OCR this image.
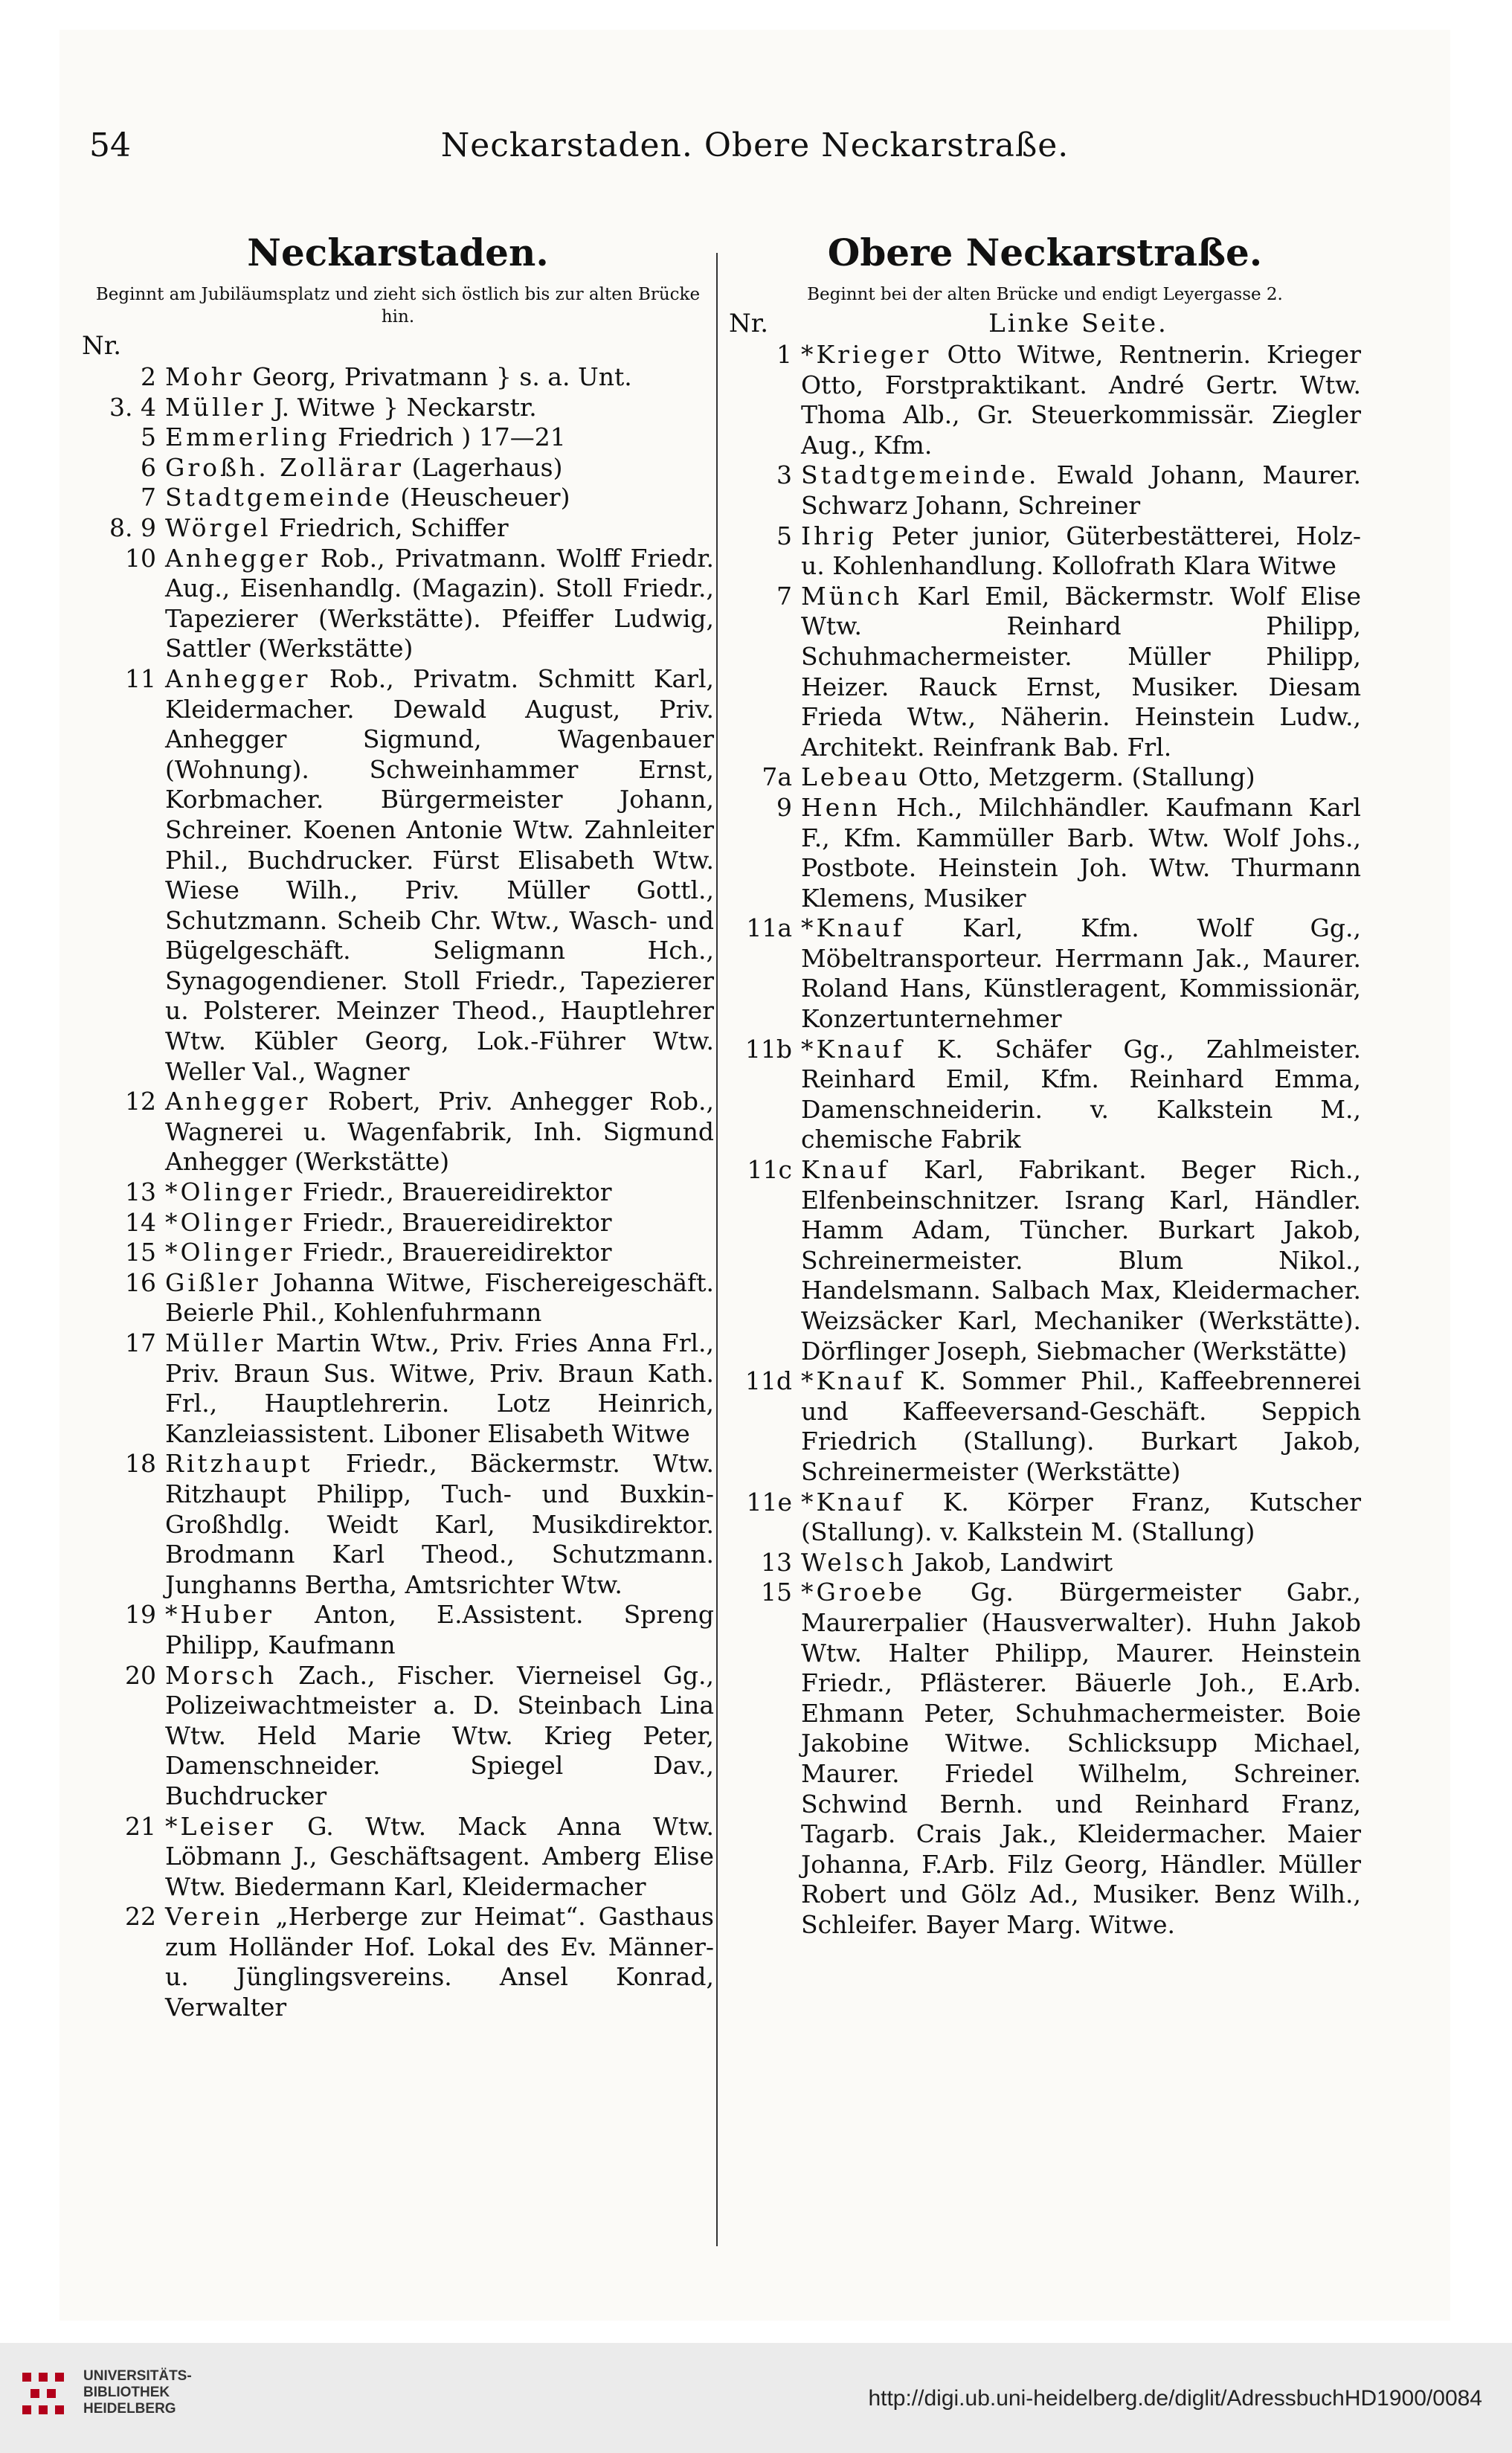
54	Neckarstaden. Obere Neckarstraße.
Neckarstaden.
Beginnt am Jubiläumsplatz und zieht sich östlich bis zur alten Brücke hin.
Nr.
2 Mohr Georg, Privatmann } s. a. Unt.
3. 4 Müller J. Witwe } Neckarstr.
5 Emmerling Friedrich ) 17—21
6 Großh. Zollärar (Lagerhaus)
7 Stadtgemeinde (Heuscheuer)
8. 9 Wörgel Friedrich, Schiffer
10 Anhegger Rob., Privatmann. Wolff Friedr. Aug., Eisenhandlg. (Magazin). Stoll Friedr., Tapezierer (Werkstätte). Pfeiffer Ludwig, Sattler (Werkstätte)
11 Anhegger Rob., Privatm. Schmitt Karl, Kleidermacher. Dewald August, Priv. Anhegger Sigmund, Wagenbauer (Wohnung). Schweinhammer Ernst, Korbmacher. Bürgermeister Johann, Schreiner. Koenen Antonie Wtw. Zahnleiter Phil., Buchdrucker. Fürst Elisabeth Wtw. Wiese Wilh., Priv. Müller Gottl., Schutzmann. Scheib Chr. Wtw., Wasch- und Bügelgeschäft. Seligmann Hch., Synagogendiener. Stoll Friedr., Tapezierer u. Polsterer. Meinzer Theod., Hauptlehrer Wtw. Kübler Georg, Lok.-Führer Wtw. Weller Val., Wagner
12 Anhegger Robert, Priv. Anhegger Rob., Wagnerei u. Wagenfabrik, Inh. Sigmund Anhegger (Werkstätte)
13 *Olinger Friedr., Brauereidirektor
14 *Olinger Friedr., Brauereidirektor
15 *Olinger Friedr., Brauereidirektor
16 Gißler Johanna Witwe, Fischereigeschäft. Beierle Phil., Kohlenfuhrmann
17 Müller Martin Wtw., Priv. Fries Anna Frl., Priv. Braun Sus. Witwe, Priv. Braun Kath. Frl., Hauptlehrerin. Lotz Heinrich, Kanzleiassistent. Liboner Elisabeth Witwe
18 Ritzhaupt Friedr., Bäckermstr. Wtw. Ritzhaupt Philipp, Tuch- und Buxkin-Großhdlg. Weidt Karl, Musikdirektor. Brodmann Karl Theod., Schutzmann. Junghanns Bertha, Amtsrichter Wtw.
19 *Huber Anton, E.Assistent. Spreng Philipp, Kaufmann
20 Morsch Zach., Fischer. Vierneisel Gg., Polizeiwachtmeister a. D. Steinbach Lina Wtw. Held Marie Wtw. Krieg Peter, Damenschneider. Spiegel Dav., Buchdrucker
21 *Leiser G. Wtw. Mack Anna Wtw. Löbmann J., Geschäftsagent. Amberg Elise Wtw. Biedermann Karl, Kleidermacher
22 Verein „Herberge zur Heimat“. Gasthaus zum Holländer Hof. Lokal des Ev. Männer- u. Jünglingsvereins. Ansel Konrad, Verwalter
Obere Neckarstraße.
Beginnt bei der alten Brücke und endigt Leyergasse 2.
Nr.	Linke Seite.
1 *Krieger Otto Witwe, Rentnerin. Krieger Otto, Forstpraktikant. André Gertr. Wtw. Thoma Alb., Gr. Steuerkommissär. Ziegler Aug., Kfm.
3 Stadtgemeinde. Ewald Johann, Maurer. Schwarz Johann, Schreiner
5 Ihrig Peter junior, Güterbestätterei, Holz- u. Kohlenhandlung. Kollofrath Klara Witwe
7 Münch Karl Emil, Bäckermstr. Wolf Elise Wtw. Reinhard Philipp, Schuhmachermeister. Müller Philipp, Heizer. Rauck Ernst, Musiker. Diesam Frieda Wtw., Näherin. Heinstein Ludw., Architekt. Reinfrank Bab. Frl.
7a Lebeau Otto, Metzgerm. (Stallung)
9 Henn Hch., Milchhändler. Kaufmann Karl F., Kfm. Kammüller Barb. Wtw. Wolf Johs., Postbote. Heinstein Joh. Wtw. Thurmann Klemens, Musiker
11a *Knauf Karl, Kfm. Wolf Gg., Möbeltransporteur. Herrmann Jak., Maurer. Roland Hans, Künstleragent, Kommissionär, Konzertunternehmer
11b *Knauf K. Schäfer Gg., Zahlmeister. Reinhard Emil, Kfm. Reinhard Emma, Damenschneiderin. v. Kalkstein M., chemische Fabrik
11c Knauf Karl, Fabrikant. Beger Rich., Elfenbeinschnitzer. Israng Karl, Händler. Hamm Adam, Tüncher. Burkart Jakob, Schreinermeister. Blum Nikol., Handelsmann. Salbach Max, Kleidermacher. Weizsäcker Karl, Mechaniker (Werkstätte). Dörflinger Joseph, Siebmacher (Werkstätte)
11d *Knauf K. Sommer Phil., Kaffeebrennerei und Kaffeeversand-Geschäft. Seppich Friedrich (Stallung). Burkart Jakob, Schreinermeister (Werkstätte)
11e *Knauf K. Körper Franz, Kutscher (Stallung). v. Kalkstein M. (Stallung)
13 Welsch Jakob, Landwirt
15 *Groebe Gg. Bürgermeister Gabr., Maurerpalier (Hausverwalter). Huhn Jakob Wtw. Halter Philipp, Maurer. Heinstein Friedr., Pflästerer. Bäuerle Joh., E.Arb. Ehmann Peter, Schuhmachermeister. Boie Jakobine Witwe. Schlicksupp Michael, Maurer. Friedel Wilhelm, Schreiner. Schwind Bernh. und Reinhard Franz, Tagarb. Crais Jak., Kleidermacher. Maier Johanna, F.Arb. Filz Georg, Händler. Müller Robert und Gölz Ad., Musiker. Benz Wilh., Schleifer. Bayer Marg. Witwe.
UNIVERSITÄTS-
BIBLIOTHEK
HEIDELBERG	http://digi.ub.uni-heidelberg.de/diglit/AdressbuchHD1900/0084
